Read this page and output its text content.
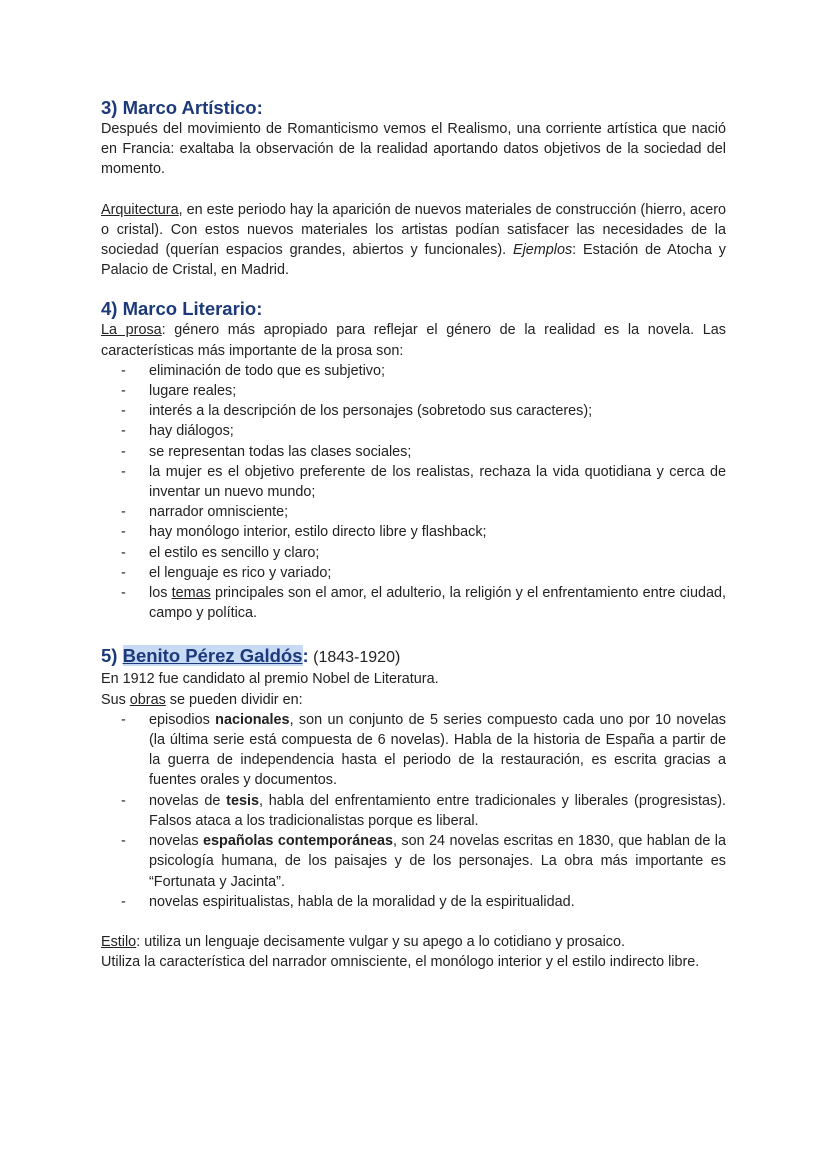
3) Marco Artístico:

Después del movimiento de Romanticismo vemos el Realismo, una corriente artística que nació en Francia: exaltaba la observación de la realidad aportando datos objetivos de la sociedad del momento.

Arquitectura, en este periodo hay la aparición de nuevos materiales de construcción (hierro, acero o cristal). Con estos nuevos materiales los artistas podían satisfacer las necesidades de la sociedad (querían espacios grandes, abiertos y funcionales). Ejemplos: Estación de Atocha y Palacio de Cristal, en Madrid.

4) Marco Literario:

La prosa: género más apropiado para reflejar el género de la realidad es la novela. Las características más importante de la prosa son:

- eliminación de todo que es subjetivo;
- lugare reales;
- interés a la descripción de los personajes (sobretodo sus caracteres);
- hay diálogos;
- se representan todas las clases sociales;
- la mujer es el objetivo preferente de los realistas, rechaza la vida quotidiana y cerca de inventar un nuevo mundo;
- narrador omnisciente;
- hay monólogo interior, estilo directo libre y flashback;
- el estilo es sencillo y claro;
- el lenguaje es rico y variado;
- los temas principales son el amor, el adulterio, la religión y el enfrentamiento entre ciudad, campo y política.
5) Benito Pérez Galdós: (1843-1920)

En 1912 fue candidato al premio Nobel de Literatura.

Sus obras se pueden dividir en:

- episodios nacionales, son un conjunto de 5 series compuesto cada uno por 10 novelas (la última serie está compuesta de 6 novelas). Habla de la historia de España a partir de la guerra de independencia hasta el periodo de la restauración, es escrita gracias a fuentes orales y documentos.
- novelas de tesis, habla del enfrentamiento entre tradicionales y liberales (progresistas). Falsos ataca a los tradicionalistas porque es liberal.
- novelas españolas contemporáneas, son 24 novelas escritas en 1830, que hablan de la psicología humana, de los paisajes y de los personajes. La obra más importante es “Fortunata y Jacinta”.
- novelas espiritualistas, habla de la moralidad y de la espiritualidad.

Estilo: utiliza un lenguaje decisamente vulgar y su apego a lo cotidiano y prosaico.

Utiliza la característica del narrador omnisciente, el monólogo interior y el estilo indirecto libre.
